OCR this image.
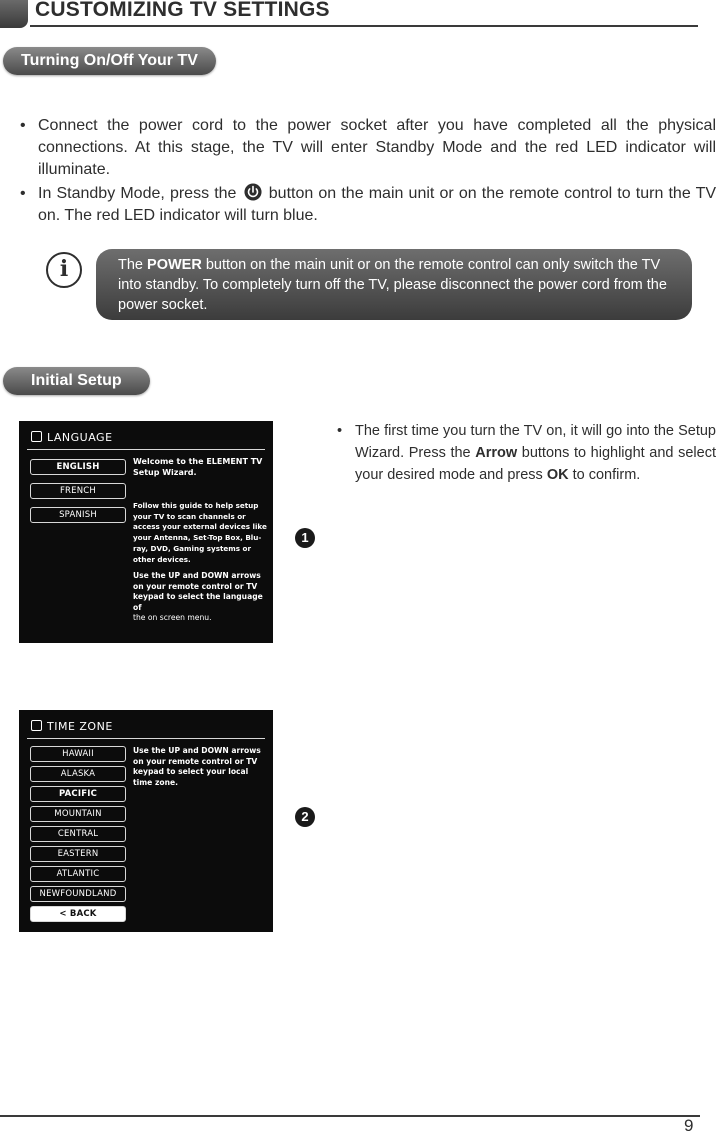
CUSTOMIZING TV SETTINGS
Turning On/Off Your TV
• Connect the power cord to the power socket after you have completed all the physical connections. At this stage, the TV will enter Standby Mode and the red LED indicator will illuminate.
• In Standby Mode, press the button on the main unit or on the remote control to turn the TV on. The red LED indicator will turn blue.
i	The POWER button on the main unit or on the remote control can only switch the TV into standby. To completely turn off the TV, please disconnect the power cord from the power socket.
Initial Setup
LANGUAGE
ENGLISH
FRENCH
SPANISH
Welcome to the ELEMENT TV Setup Wizard.
Follow this guide to help setup your TV to scan channels or access your external devices like your Antenna, Set-Top Box, Blu-ray, DVD, Gaming systems or other devices.
Use the UP and DOWN arrows on your remote control or TV keypad to select the language of
the on screen menu.
1
• The first time you turn the TV on, it will go into the Setup Wizard. Press the Arrow buttons to highlight and select your desired mode and press OK to confirm.
TIME ZONE
HAWAII
ALASKA
PACIFIC
MOUNTAIN
CENTRAL
EASTERN
ATLANTIC
NEWFOUNDLAND
< BACK
Use the UP and DOWN arrows on your remote control or TV keypad to select your local time zone.
2
9
